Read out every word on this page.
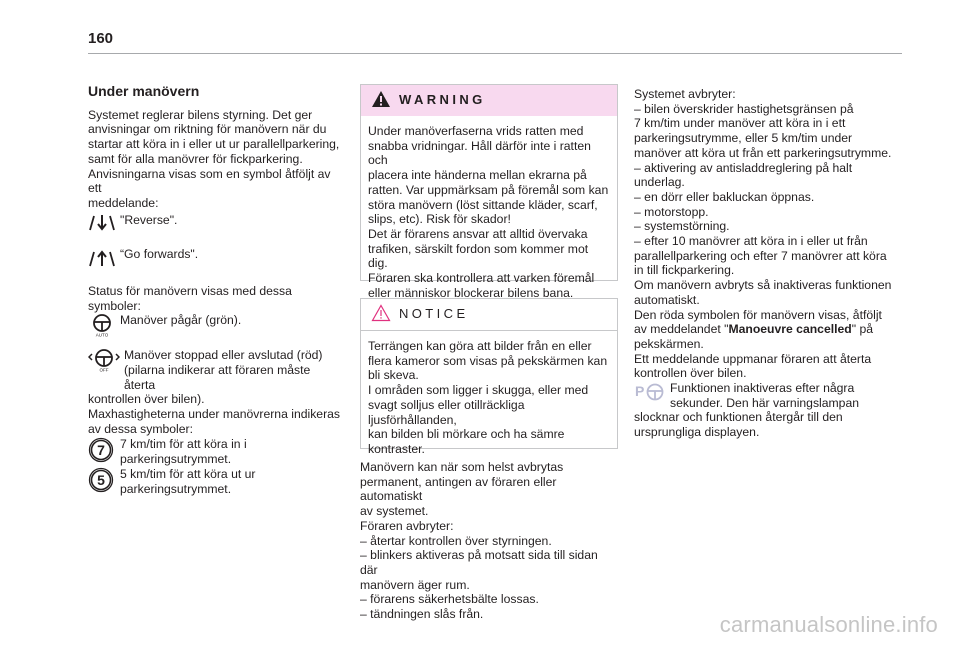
160
Under manövern
Systemet reglerar bilens styrning. Det ger
anvisningar om riktning för manövern när du
startar att köra in i eller ut ur parallellparkering,
samt för alla manövrer för fickparkering.
Anvisningarna visas som en symbol åtföljt av ett
meddelande:
"Reverse".
“Go forwards".
Status för manövern visas med dessa symboler:
AUTO
Manöver pågår (grön).
OFF
Manöver stoppad eller avslutad (röd)
(pilarna indikerar att föraren måste återta
kontrollen över bilen).
Maxhastigheterna under manövrerna indikeras
av dessa symboler:
7 7 km/tim för att köra in i
parkeringsutrymmet.
5 5 km/tim för att köra ut ur
parkeringsutrymmet.
WARNING
Under manöverfaserna vrids ratten med
snabba vridningar. Håll därför inte i ratten och
placera inte händerna mellan ekrarna på
ratten. Var uppmärksam på föremål som kan
störa manövern (löst sittande kläder, scarf,
slips, etc). Risk för skador!
Det är förarens ansvar att alltid övervaka
trafiken, särskilt fordon som kommer mot dig.
Föraren ska kontrollera att varken föremål
eller människor blockerar bilens bana.
NOTICE
Terrängen kan göra att bilder från en eller
flera kameror som visas på pekskärmen kan
bli skeva.
I områden som ligger i skugga, eller med
svagt solljus eller otillräckliga ljusförhållanden,
kan bilden bli mörkare och ha sämre
kontraster.
Manövern kan när som helst avbrytas
permanent, antingen av föraren eller automatiskt
av systemet.
Föraren avbryter:
– återtar kontrollen över styrningen.
– blinkers aktiveras på motsatt sida till sidan där
manövern äger rum.
– förarens säkerhetsbälte lossas.
– tändningen slås från.
Systemet avbryter:
– bilen överskrider hastighetsgränsen på
7 km/tim under manöver att köra in i ett
parkeringsutrymme, eller 5 km/tim under
manöver att köra ut från ett parkeringsutrymme.
– aktivering av antisladdreglering på halt
underlag.
– en dörr eller bakluckan öppnas.
– motorstopp.
– systemstörning.
– efter 10 manövrer att köra in i eller ut från
parallellparkering och efter 7 manövrer att köra
in till fickparkering.
Om manövern avbryts så inaktiveras funktionen
automatiskt.
Den röda symbolen för manövern visas, åtföljt
av meddelandet "Manoeuvre cancelled" på
pekskärmen.
Ett meddelande uppmanar föraren att återta
kontrollen över bilen.
P Funktionen inaktiveras efter några
sekunder. Den här varningslampan
slocknar och funktionen återgår till den
ursprungliga displayen.
carmanualsonline.info
